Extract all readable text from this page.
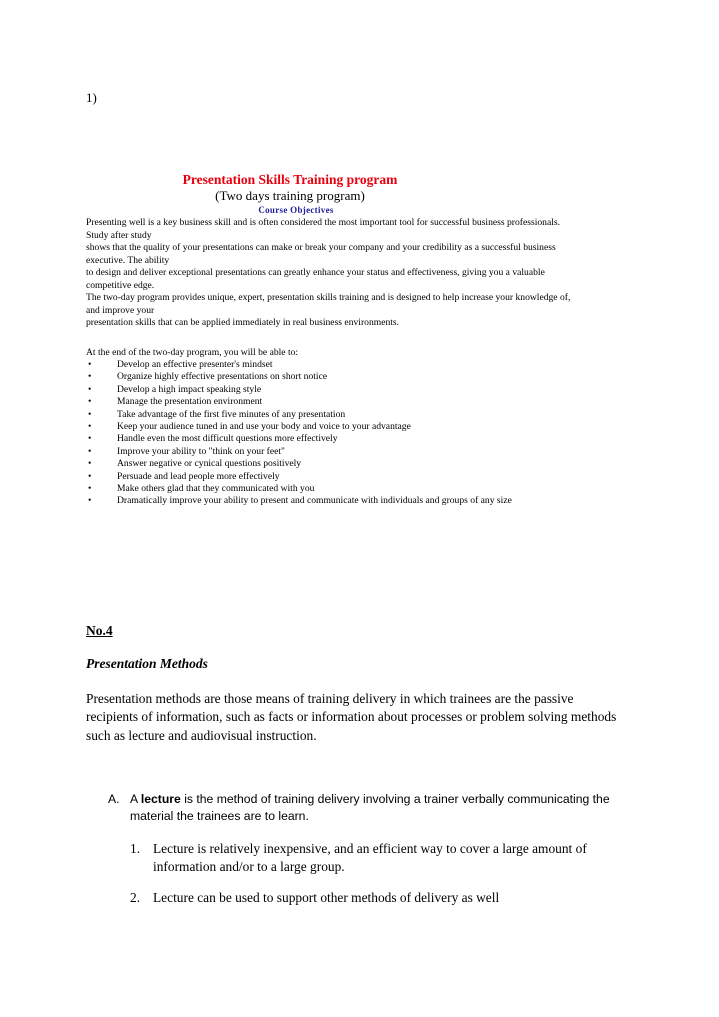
1)

Presentation Skills Training program
(Two days training program)
Course Objectives

Presenting well is a key business skill and is often considered the most important tool for successful business professionals.

Study after study

shows that the quality of your presentations can make or break your company and your credibility as a successful business

executive. The ability

to design and deliver exceptional presentations can greatly enhance your status and effectiveness, giving you a valuable

competitive edge.

The two-day program provides unique, expert, presentation skills training and is designed to help increase your knowledge of,

and improve your

presentation skills that can be applied immediately in real business environments.

At the end of the two-day program, you will be able to:

•	Develop an effective presenter's mindset
•	Organize highly effective presentations on short notice
•	Develop a high impact speaking style
•	Manage the presentation environment
•	Take advantage of the first five minutes of any presentation
•	Keep your audience tuned in and use your body and voice to your advantage
•	Handle even the most difficult questions more effectively
•	Improve your ability to "think on your feet"
•	Answer negative or cynical questions positively
•	Persuade and lead people more effectively
•	Make others glad that they communicated with you
•	Dramatically improve your ability to present and communicate with individuals and groups of any size

No.4

Presentation Methods

Presentation methods are those means of training delivery in which trainees are the passive recipients of information, such as facts or information about processes or problem solving methods such as lecture and audiovisual instruction.

A. A lecture is the method of training delivery involving a trainer verbally communicating the material the trainees are to learn.
1. Lecture is relatively inexpensive, and an efficient way to cover a large amount of information and/or to a large group.
2. Lecture can be used to support other methods of delivery as well
